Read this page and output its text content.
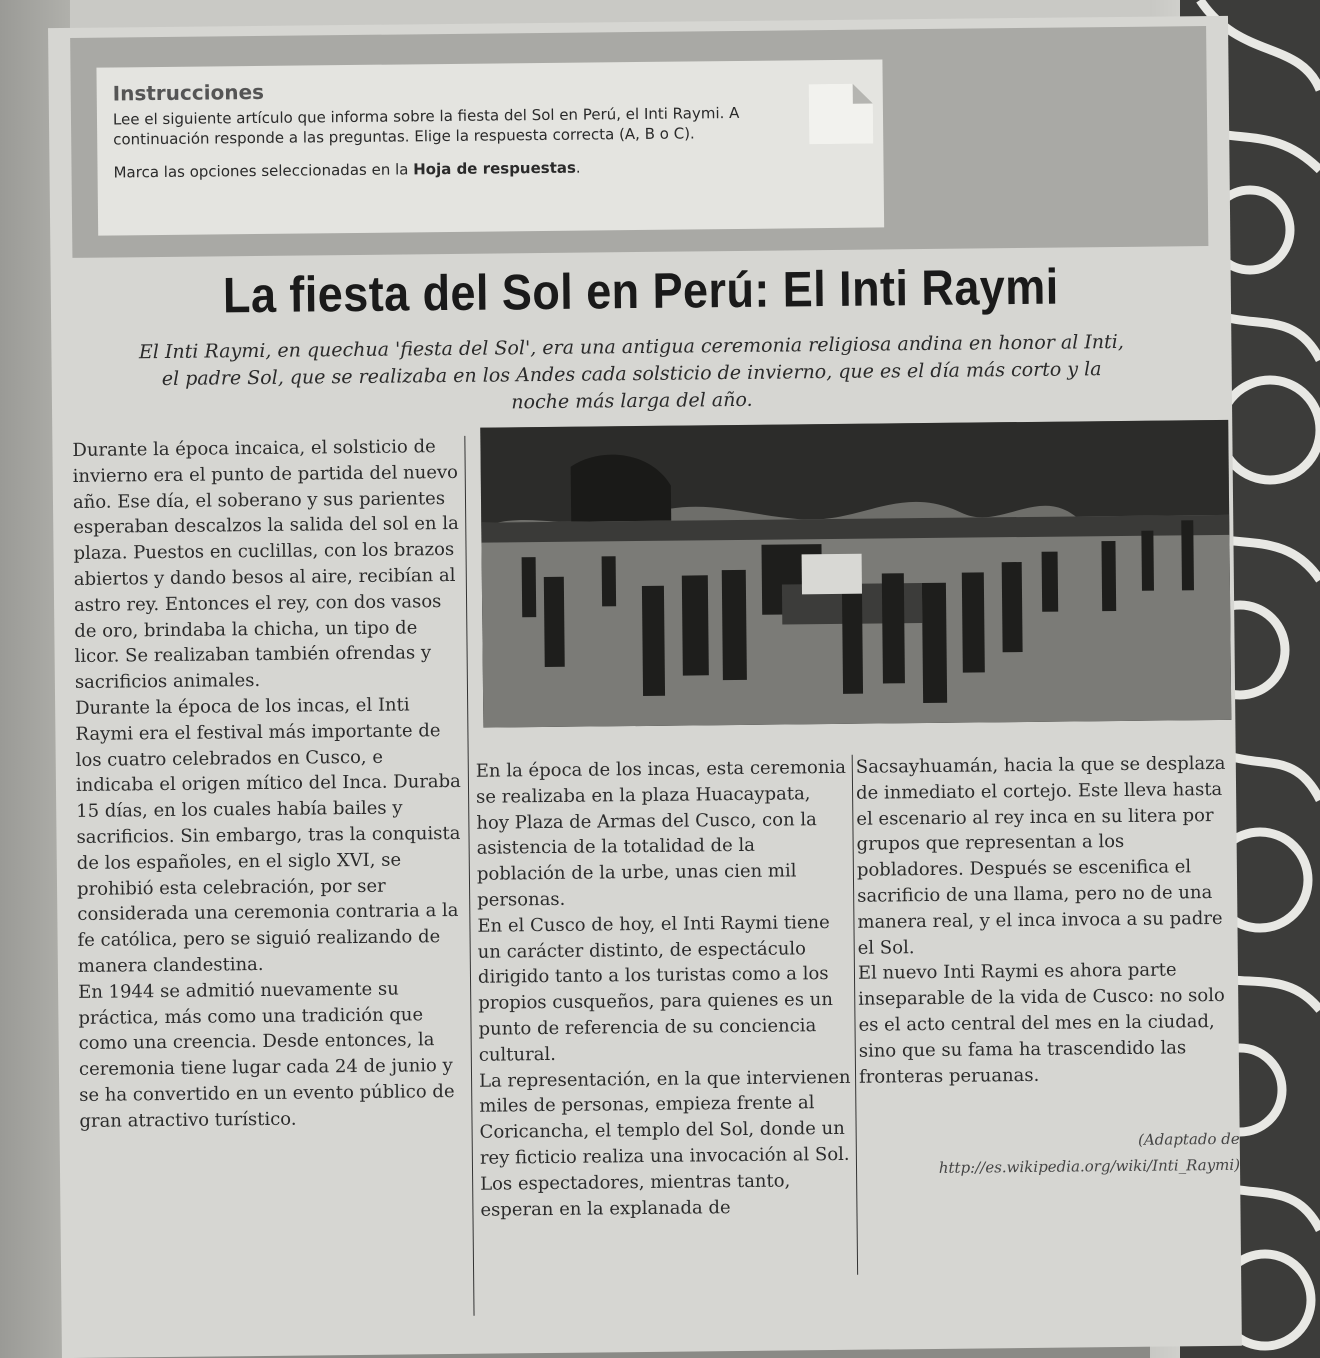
Instrucciones
Lee el siguiente artículo que informa sobre la fiesta del Sol en Perú, el Inti Raymi. A continuación responde a las preguntas. Elige la respuesta correcta (A, B o C).
Marca las opciones seleccionadas en la Hoja de respuestas.
La fiesta del Sol en Perú: El Inti Raymi
El Inti Raymi, en quechua 'fiesta del Sol', era una antigua ceremonia religiosa andina en honor al Inti, el padre Sol, que se realizaba en los Andes cada solsticio de invierno, que es el día más corto y la noche más larga del año.

Durante la época incaica, el solsticio de invierno era el punto de partida del nuevo año. Ese día, el soberano y sus parientes esperaban descalzos la salida del sol en la plaza. Puestos en cuclillas, con los brazos abiertos y dando besos al aire, recibían al astro rey. Entonces el rey, con dos vasos de oro, brindaba la chicha, un tipo de licor. Se realizaban también ofrendas y sacrificios animales.

Durante la época de los incas, el Inti Raymi era el festival más importante de los cuatro celebrados en Cusco, e indicaba el origen mítico del Inca. Duraba 15 días, en los cuales había bailes y sacrificios. Sin embargo, tras la conquista de los españoles, en el siglo XVI, se prohibió esta celebración, por ser considerada una ceremonia contraria a la fe católica, pero se siguió realizando de manera clandestina.

En 1944 se admitió nuevamente su práctica, más como una tradición que como una creencia. Desde entonces, la ceremonia tiene lugar cada 24 de junio y se ha convertido en un evento público de gran atractivo turístico.

En la época de los incas, esta ceremonia se realizaba en la plaza Huacaypata, hoy Plaza de Armas del Cusco, con la asistencia de la totalidad de la población de la urbe, unas cien mil personas.

En el Cusco de hoy, el Inti Raymi tiene un carácter distinto, de espectáculo dirigido tanto a los turistas como a los propios cusqueños, para quienes es un punto de referencia de su conciencia cultural.

La representación, en la que intervienen miles de personas, empieza frente al Coricancha, el templo del Sol, donde un rey ficticio realiza una invocación al Sol. Los espectadores, mientras tanto, esperan en la explanada de

Sacsayhuamán, hacia la que se desplaza de inmediato el cortejo. Este lleva hasta el escenario al rey inca en su litera por grupos que representan a los pobladores. Después se escenifica el sacrificio de una llama, pero no de una manera real, y el inca invoca a su padre el Sol.

El nuevo Inti Raymi es ahora parte inseparable de la vida de Cusco: no solo es el acto central del mes en la ciudad, sino que su fama ha trascendido las fronteras peruanas.

(Adaptado de
http://es.wikipedia.org/wiki/Inti_Raymi)
